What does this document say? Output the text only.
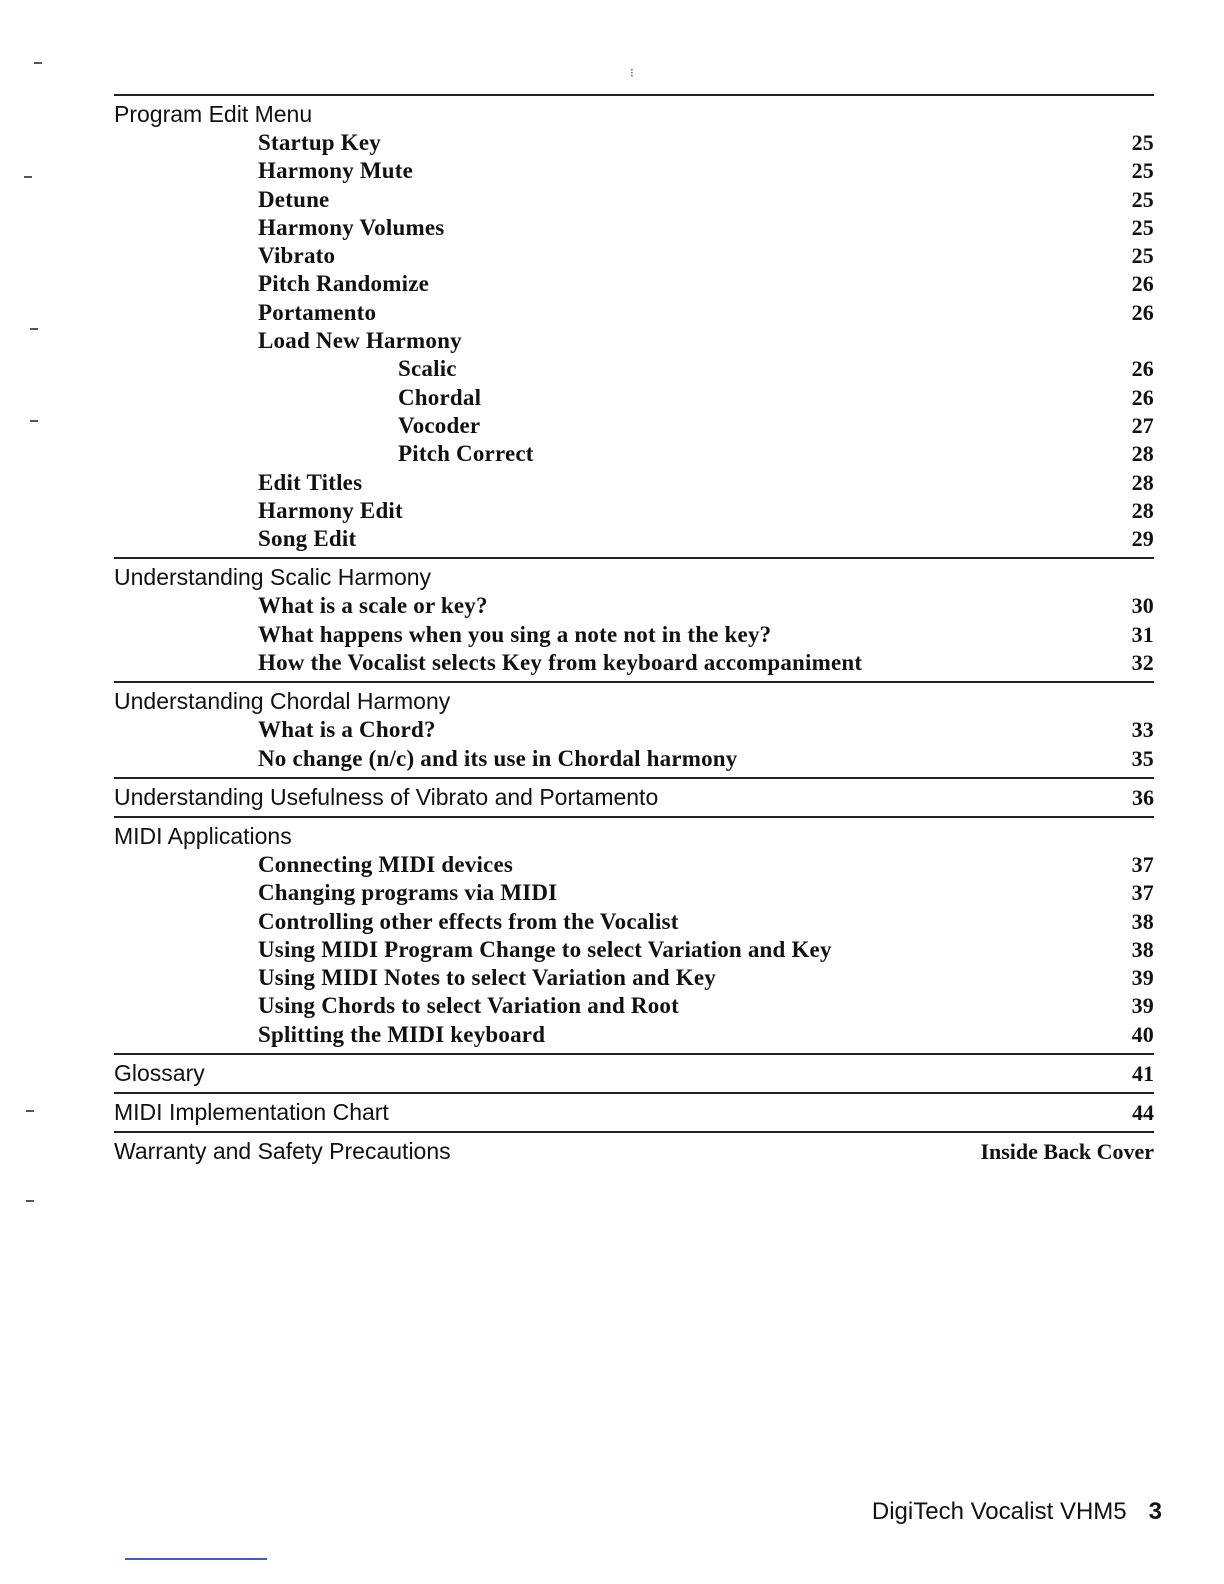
⁝
Program Edit Menu
Startup Key	25
Harmony Mute	25
Detune	25
Harmony Volumes	25
Vibrato	25
Pitch Randomize	26
Portamento	26
Load New Harmony
Scalic	26
Chordal	26
Vocoder	27
Pitch Correct	28
Edit Titles	28
Harmony Edit	28
Song Edit	29
Understanding Scalic Harmony
What is a scale or key?	30
What happens when you sing a note not in the key?	31
How the Vocalist selects Key from keyboard accompaniment	32
Understanding Chordal Harmony
What is a Chord?	33
No change (n/c) and its use in Chordal harmony	35
Understanding Usefulness of Vibrato and Portamento	36
MIDI Applications
Connecting MIDI devices	37
Changing programs via MIDI	37
Controlling other effects from the Vocalist	38
Using MIDI Program Change to select Variation and Key	38
Using MIDI Notes to select Variation and Key	39
Using Chords to select Variation and Root	39
Splitting the MIDI keyboard	40
Glossary	41
MIDI Implementation Chart	44
Warranty and Safety Precautions	Inside Back Cover
DigiTech Vocalist VHM5 3
